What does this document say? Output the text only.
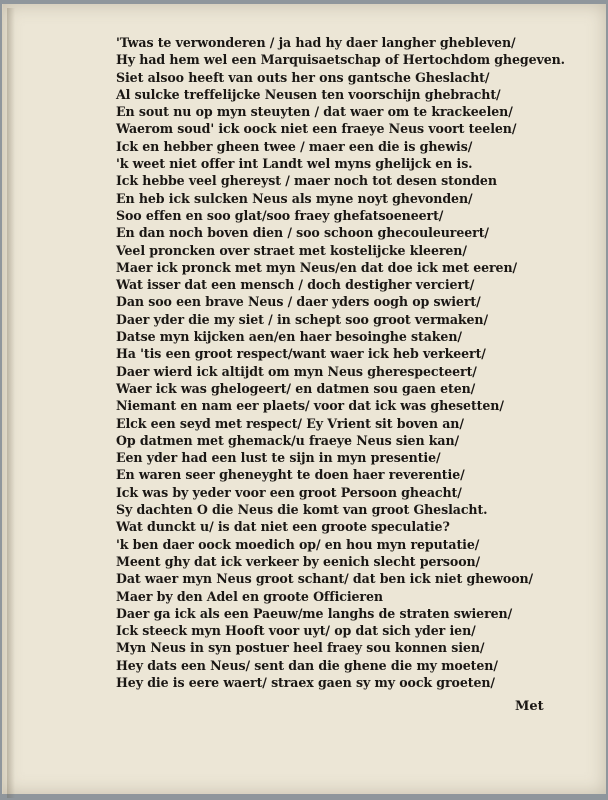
'Twas te verwonderen / ja had hy daer langher ghebleven/
Hy had hem wel een Marquisaetschap of Hertochdom ghegeven.
Siet alsoo heeft van outs her ons gantsche Gheslacht/
Al sulcke treffelijcke Neusen ten voorschijn ghebracht/
En sout nu op myn steuyten / dat waer om te krackeelen/
Waerom soud' ick oock niet een fraeye Neus voort teelen/
Ick en hebber gheen twee / maer een die is ghewis/
'k weet niet offer int Landt wel myns ghelijck en is.
Ick hebbe veel ghereyst / maer noch tot desen stonden
En heb ick sulcken Neus als myne noyt ghevonden/
Soo effen en soo glat/soo fraey ghefatsoeneert/
En dan noch boven dien / soo schoon ghecouleureert/
Veel proncken over straet met kostelijcke kleeren/
Maer ick pronck met myn Neus/en dat doe ick met eeren/
Wat isser dat een mensch / doch destigher verciert/
Dan soo een brave Neus / daer yders oogh op swiert/
Daer yder die my siet / in schept soo groot vermaken/
Datse myn kijcken aen/en haer besoinghe staken/
Ha 'tis een groot respect/want waer ick heb verkeert/
Daer wierd ick altijdt om myn Neus gherespecteert/
Waer ick was ghelogeert/ en datmen sou gaen eten/
Niemant en nam eer plaets/ voor dat ick was ghesetten/
Elck een seyd met respect/ Ey Vrient sit boven an/
Op datmen met ghemack/u fraeye Neus sien kan/
Een yder had een lust te sijn in myn presentie/
En waren seer gheneyght te doen haer reverentie/
Ick was by yeder voor een groot Persoon gheacht/
Sy dachten O die Neus die komt van groot Gheslacht.
Wat dunckt u/ is dat niet een groote speculatie?
'k ben daer oock moedich op/ en hou myn reputatie/
Meent ghy dat ick verkeer by eenich slecht persoon/
Dat waer myn Neus groot schant/ dat ben ick niet ghewoon/
Maer by den Adel en groote Officieren
Daer ga ick als een Paeuw/me langhs de straten swieren/
Ick steeck myn Hooft voor uyt/ op dat sich yder ien/
Myn Neus in syn postuer heel fraey sou konnen sien/
Hey dats een Neus/ sent dan die ghene die my moeten/
Hey die is eere waert/ straex gaen sy my oock groeten/
Met
